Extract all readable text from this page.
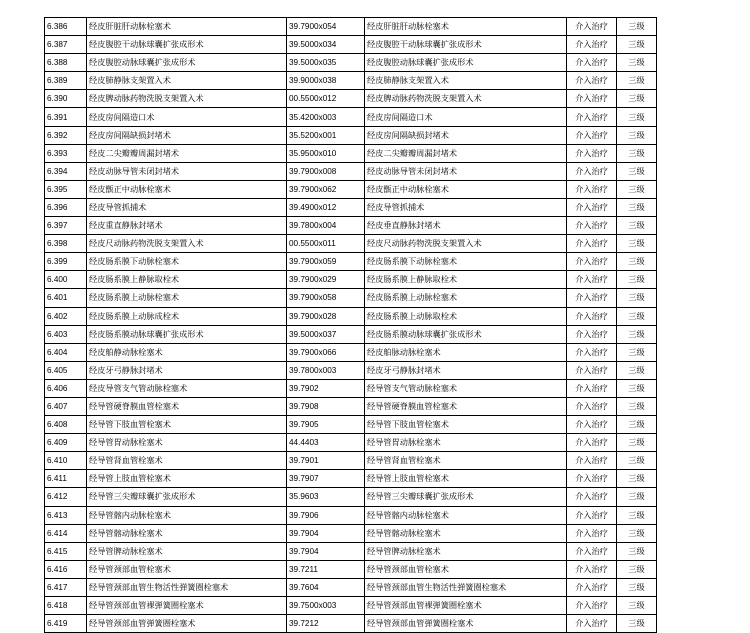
6.386	经皮肝脏肝动脉栓塞术	39.7900x054	经皮肝脏肝动脉栓塞术	介入治疗	三级
6.387	经皮腹腔干动脉球囊扩张成形术	39.5000x034	经皮腹腔干动脉球囊扩张成形术	介入治疗	三级
6.388	经皮腹腔动脉球囊扩张成形术	39.5000x035	经皮腹腔动脉球囊扩张成形术	介入治疗	三级
6.389	经皮肺静脉支架置入术	39.9000x038	经皮肺静脉支架置入术	介入治疗	三级
6.390	经皮脾动脉药物洗脱支架置入术	00.5500x012	经皮脾动脉药物洗脱支架置入术	介入治疗	三级
6.391	经皮房间隔造口术	35.4200x003	经皮房间隔造口术	介入治疗	三级
6.392	经皮房间隔缺损封堵术	35.5200x001	经皮房间隔缺损封堵术	介入治疗	三级
6.393	经皮二尖瓣瓣周漏封堵术	35.9500x010	经皮二尖瓣瓣周漏封堵术	介入治疗	三级
6.394	经皮动脉导管未闭封堵术	39.7900x008	经皮动脉导管未闭封堵术	介入治疗	三级
6.395	经皮甑正中动脉栓塞术	39.7900x062	经皮甑正中动脉栓塞术	介入治疗	三级
6.396	经皮导管抓捕术	39.4900x012	经皮导管抓捕术	介入治疗	三级
6.397	经皮重直静脉封堵术	39.7800x004	经皮垂直静脉封堵术	介入治疗	三级
6.398	经皮尺动脉药物洗脱支架置入术	00.5500x011	经皮尺动脉药物洗脱支架置入术	介入治疗	三级
6.399	经皮肠系膜下动脉栓塞术	39.7900x059	经皮肠系膜下动脉栓塞术	介入治疗	三级
6.400	经皮肠系膜上静脉取栓术	39.7900x029	经皮肠系膜上静脉取栓术	介入治疗	三级
6.401	经皮肠系膜上动脉栓塞术	39.7900x058	经皮肠系膜上动脉栓塞术	介入治疗	三级
6.402	经皮肠系膜上动脉成栓术	39.7900x028	经皮肠系膜上动脉取栓术	介入治疗	三级
6.403	经皮肠系膜动脉球囊扩张成形术	39.5000x037	经皮肠系膜动脉球囊扩张成形术	介入治疗	三级
6.404	经皮舶静动脉栓塞术	39.7900x066	经皮舶脉动脉栓塞术	介入治疗	三级
6.405	经皮牙弓静脉封堵术	39.7800x003	经皮牙弓静脉封堵术	介入治疗	三级
6.406	经皮导管支气管动脉栓塞术	39.7902	经导管支气管动脉栓塞术	介入治疗	三级
6.407	经导管硬脊膜血管栓塞术	39.7908	经导管硬脊膜血管栓塞术	介入治疗	三级
6.408	经导管下肢血管栓塞术	39.7905	经导管下肢血管栓塞术	介入治疗	三级
6.409	经导管胃动脉栓塞术	44.4403	经导管胃动脉栓塞术	介入治疗	三级
6.410	经导管肾血管栓塞术	39.7901	经导管肾血管栓塞术	介入治疗	三级
6.411	经导管上肢血管栓塞术	39.7907	经导管上肢血管栓塞术	介入治疗	三级
6.412	经导管三尖瓣球囊扩张成形术	35.9603	经导管三尖瓣球囊扩张成形术	介入治疗	三级
6.413	经导管髂内动脉栓塞术	39.7906	经导管髂内动脉栓塞术	介入治疗	三级
6.414	经导管髂动脉栓塞术	39.7904	经导管髂动脉栓塞术	介入治疗	三级
6.415	经导管脾动脉栓塞术	39.7904	经导管脾动脉栓塞术	介入治疗	三级
6.416	经导管颈部血管栓塞术	39.7211	经导管颈部血管栓塞术	介入治疗	三级
6.417	经导管颈部血管生物活性弹簧圈栓塞术	39.7604	经导管颈部血管生物活性弹簧圈栓塞术	介入治疗	三级
6.418	经导管颈部血管裸弹簧圈栓塞术	39.7500x003	经导管颈部血管裸弹簧圈栓塞术	介入治疗	三级
6.419	经导管颈部血管弹簧圈栓塞术	39.7212	经导管颈部血管弹簧圈栓塞术	介入治疗	三级
